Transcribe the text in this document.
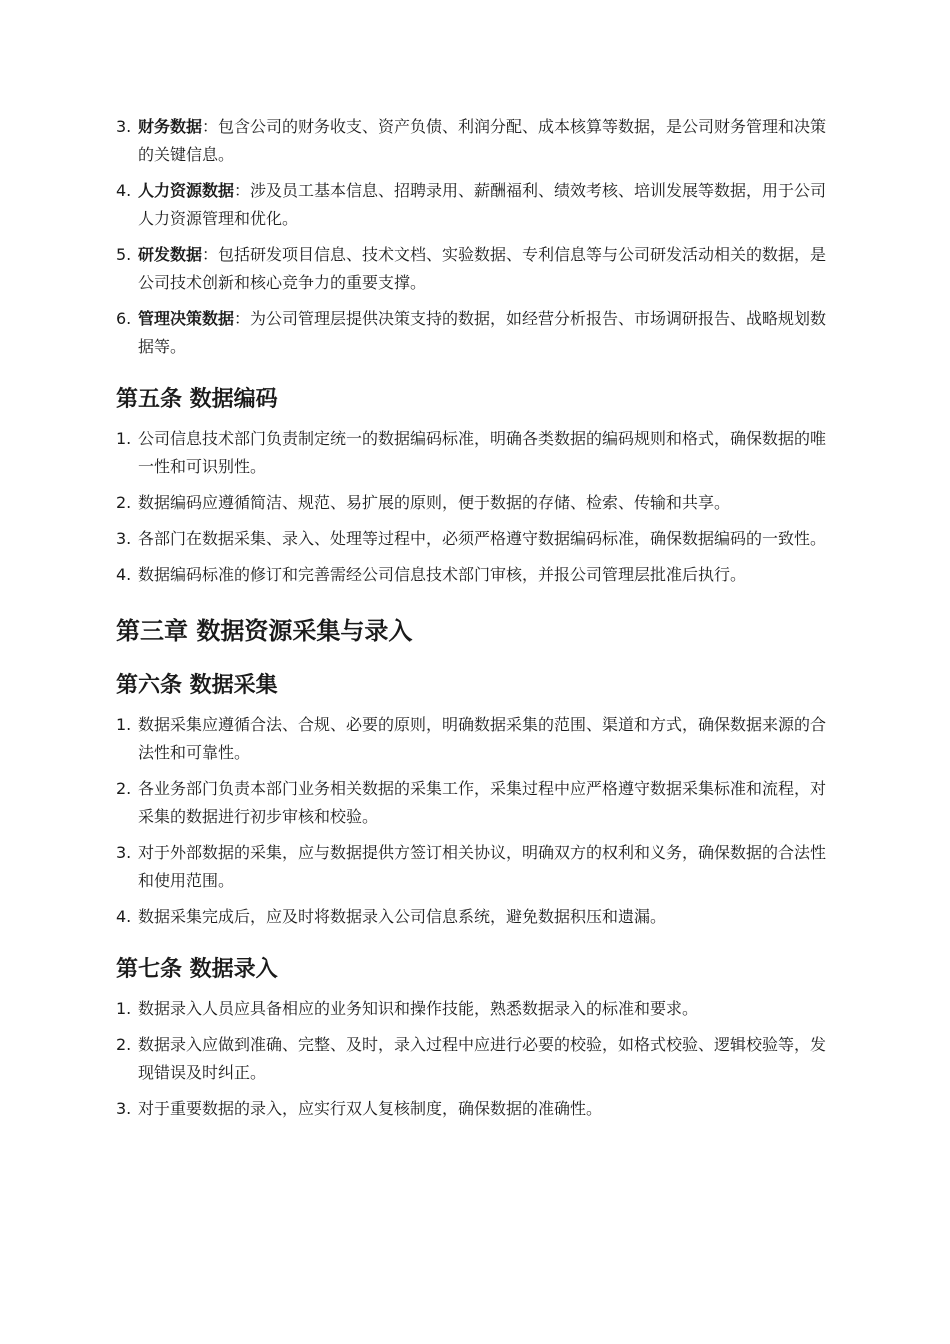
3. 财务数据：包含公司的财务收支、资产负债、利润分配、成本核算等数据，是公司财务管理和决策的关键信息。
4. 人力资源数据：涉及员工基本信息、招聘录用、薪酬福利、绩效考核、培训发展等数据，用于公司人力资源管理和优化。
5. 研发数据：包括研发项目信息、技术文档、实验数据、专利信息等与公司研发活动相关的数据，是公司技术创新和核心竞争力的重要支撑。
6. 管理决策数据：为公司管理层提供决策支持的数据，如经营分析报告、市场调研报告、战略规划数据等。
第五条 数据编码
1. 公司信息技术部门负责制定统一的数据编码标准，明确各类数据的编码规则和格式，确保数据的唯一性和可识别性。
2. 数据编码应遵循简洁、规范、易扩展的原则，便于数据的存储、检索、传输和共享。
3. 各部门在数据采集、录入、处理等过程中，必须严格遵守数据编码标准，确保数据编码的一致性。
4. 数据编码标准的修订和完善需经公司信息技术部门审核，并报公司管理层批准后执行。
第三章 数据资源采集与录入
第六条 数据采集
1. 数据采集应遵循合法、合规、必要的原则，明确数据采集的范围、渠道和方式，确保数据来源的合法性和可靠性。
2. 各业务部门负责本部门业务相关数据的采集工作，采集过程中应严格遵守数据采集标准和流程，对采集的数据进行初步审核和校验。
3. 对于外部数据的采集，应与数据提供方签订相关协议，明确双方的权利和义务，确保数据的合法性和使用范围。
4. 数据采集完成后，应及时将数据录入公司信息系统，避免数据积压和遗漏。
第七条 数据录入
1. 数据录入人员应具备相应的业务知识和操作技能，熟悉数据录入的标准和要求。
2. 数据录入应做到准确、完整、及时，录入过程中应进行必要的校验，如格式校验、逻辑校验等，发现错误及时纠正。
3. 对于重要数据的录入，应实行双人复核制度，确保数据的准确性。
